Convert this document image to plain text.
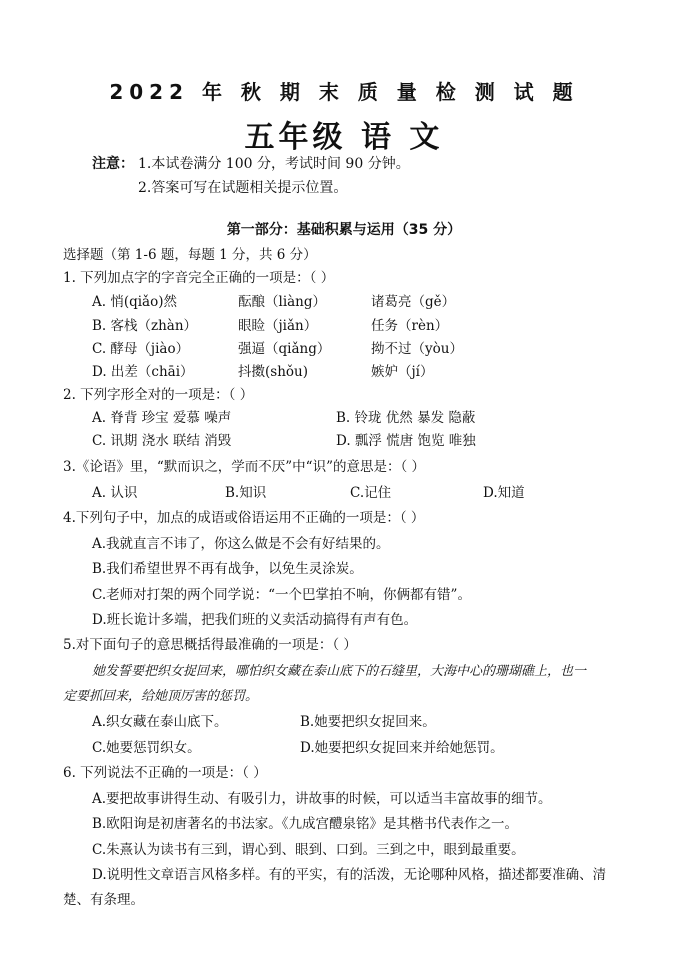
2022 年 秋 期 末 质 量 检 测 试 题
五年级 语 文
注意： 1.本试卷满分 100 分，考试时间 90 分钟。
2.答案可写在试题相关提示位置。
第一部分：基础积累与运用（35 分）
选择题（第 1-6 题，每题 1 分，共 6 分）
1. 下列加点字的字音完全正确的一项是：（ ）
A. 悄(qiǎo)然	酝酿（liàng）	诸葛亮（gě）
B. 客栈（zhàn）	眼睑（jiǎn）	任务（rèn）
C. 酵母（jiào）	强逼（qiǎng）	拗不过（yòu）
D. 出差（chāi）	抖擞(shǒu)	嫉妒（jí）
2. 下列字形全对的一项是：（ ）
A. 脊背 珍宝 爱慕 噪声	B. 铃珑 优然 暴发 隐蔽
C. 讯期 浇水 联结 消毁	D. 瓢浮 慌唐 饱览 唯独
3.《论语》里，“默而识之，学而不厌”中“识”的意思是：（ ）
A. 认识	B.知识	C.记住	D.知道
4.下列句子中，加点的成语或俗语运用不正确的一项是：（ ）
A.我就直言不讳了，你这么做是不会有好结果的。
B.我们希望世界不再有战争，以免生灵涂炭。
C.老师对打架的两个同学说：“一个巴掌拍不响，你俩都有错”。
D.班长诡计多端，把我们班的义卖活动搞得有声有色。
5.对下面句子的意思概括得最准确的一项是：（ ）
她发誓要把织女捉回来，哪怕织女藏在泰山底下的石缝里，大海中心的珊瑚礁上，也一
定要抓回来，给她顶厉害的惩罚。
A.织女藏在泰山底下。	B.她要把织女捉回来。
C.她要惩罚织女。	D.她要把织女捉回来并给她惩罚。
6. 下列说法不正确的一项是：（ ）
A.要把故事讲得生动、有吸引力，讲故事的时候，可以适当丰富故事的细节。
B.欧阳询是初唐著名的书法家。《九成宫醴泉铭》是其楷书代表作之一。
C.朱熹认为读书有三到，谓心到、眼到、口到。三到之中，眼到最重要。
D.说明性文章语言风格多样。有的平实，有的活泼，无论哪种风格，描述都要准确、清
楚、有条理。
